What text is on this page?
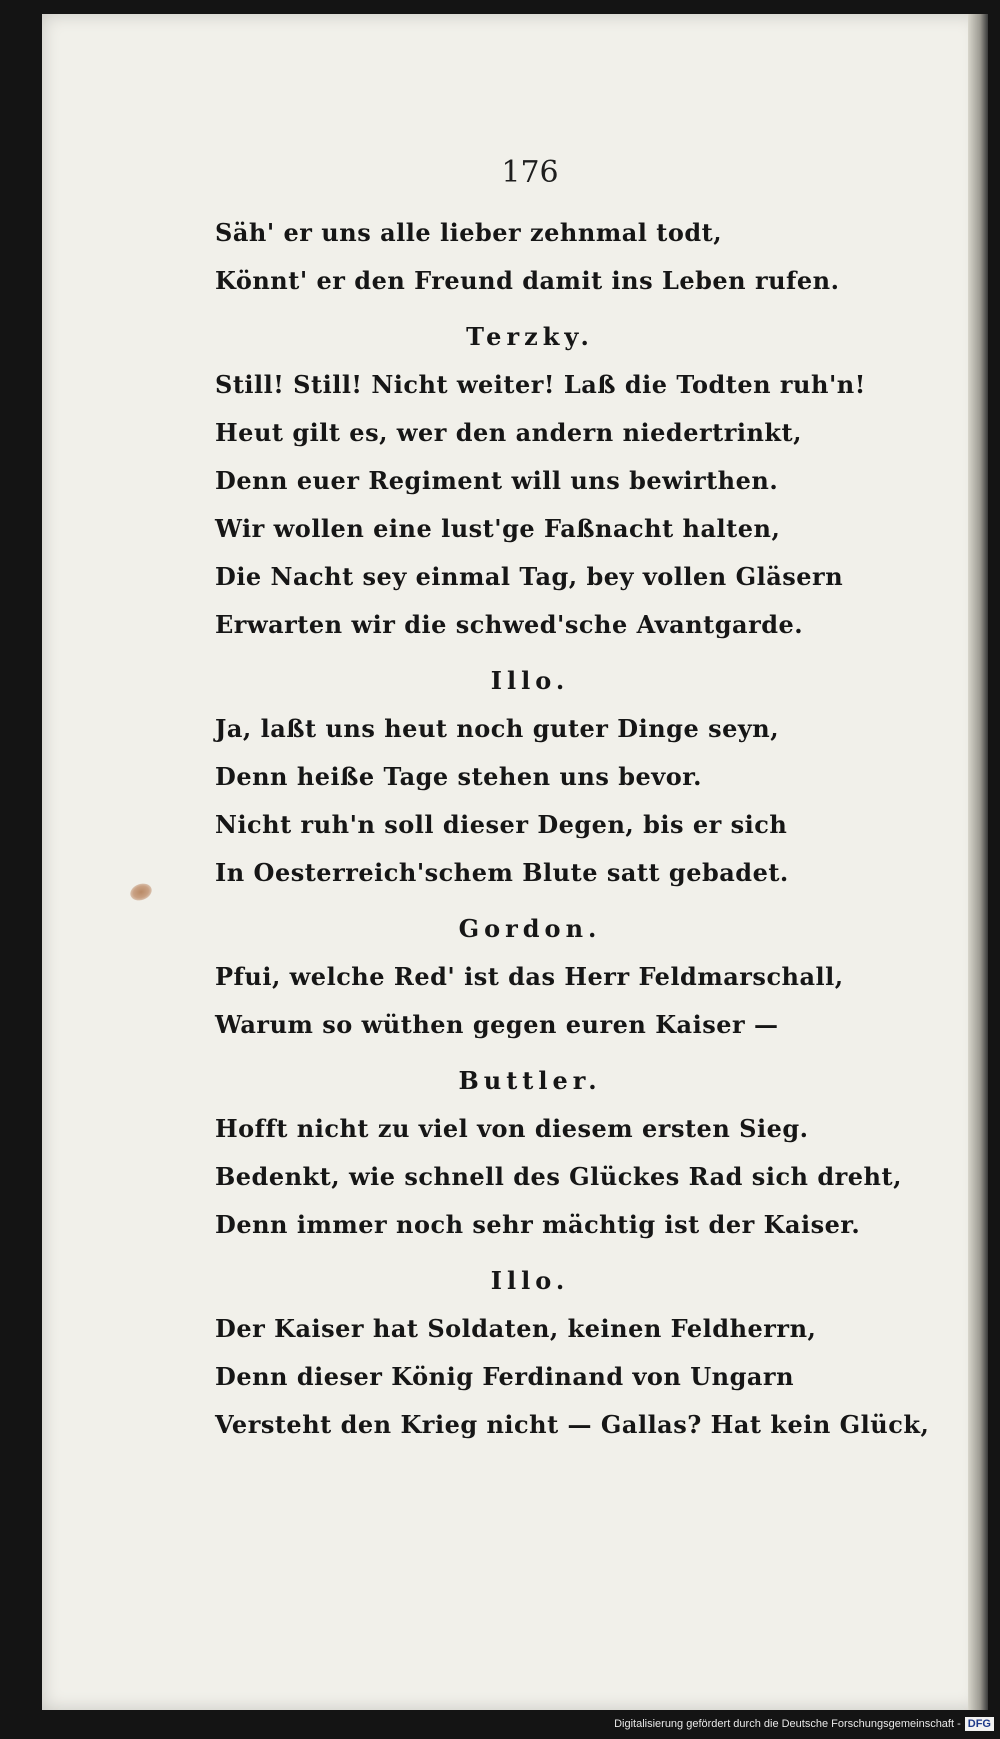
176
Säh' er uns alle lieber zehnmal todt,
Könnt' er den Freund damit ins Leben rufen.
Terzky.
Still! Still! Nicht weiter! Laß die Todten ruh'n!
Heut gilt es, wer den andern niedertrinkt,
Denn euer Regiment will uns bewirthen.
Wir wollen eine lust'ge Faßnacht halten,
Die Nacht sey einmal Tag, bey vollen Gläsern
Erwarten wir die schwed'sche Avantgarde.
Illo.
Ja, laßt uns heut noch guter Dinge seyn,
Denn heiße Tage stehen uns bevor.
Nicht ruh'n soll dieser Degen, bis er sich
In Oesterreich'schem Blute satt gebadet.
Gordon.
Pfui, welche Red' ist das Herr Feldmarschall,
Warum so wüthen gegen euren Kaiser —
Buttler.
Hofft nicht zu viel von diesem ersten Sieg.
Bedenkt, wie schnell des Glückes Rad sich dreht,
Denn immer noch sehr mächtig ist der Kaiser.
Illo.
Der Kaiser hat Soldaten, keinen Feldherrn,
Denn dieser König Ferdinand von Ungarn
Versteht den Krieg nicht — Gallas? Hat kein Glück,
Digitalisierung gefördert durch die Deutsche Forschungsgemeinschaft - DFG
